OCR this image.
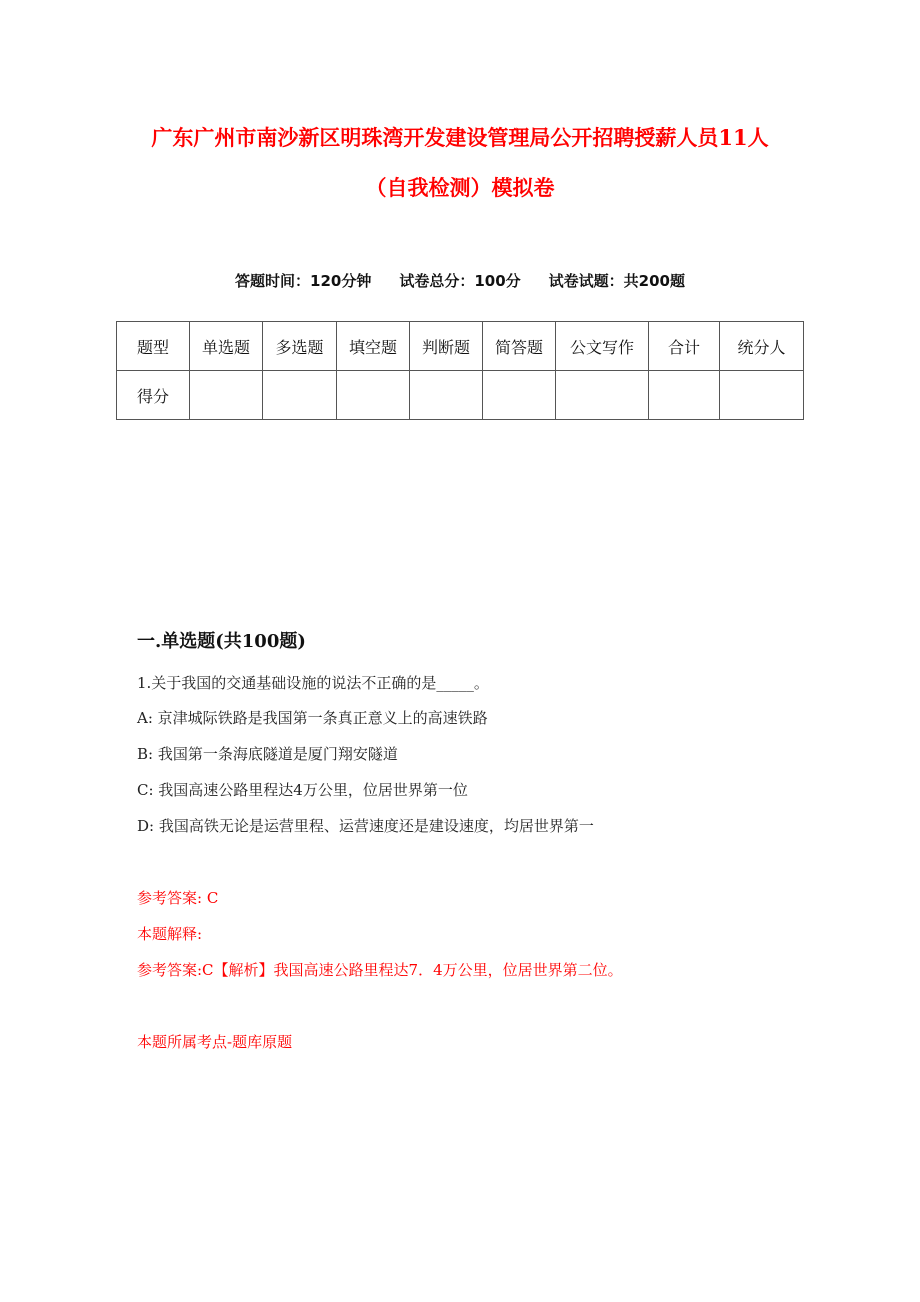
广东广州市南沙新区明珠湾开发建设管理局公开招聘授薪人员11人
（自我检测）模拟卷
答题时间：120分钟 试卷总分：100分 试卷试题：共200题
题型	单选题	多选题	填空题	判断题	简答题	公文写作	合计	统分人
得分								
一.单选题(共100题)
1.关于我国的交通基础设施的说法不正确的是_____。
A: 京津城际铁路是我国第一条真正意义上的高速铁路
B: 我国第一条海底隧道是厦门翔安隧道
C: 我国高速公路里程达4万公里，位居世界第一位
D: 我国高铁无论是运营里程、运营速度还是建设速度，均居世界第一
参考答案: C
本题解释:
参考答案:C【解析】我国高速公路里程达7．4万公里，位居世界第二位。
本题所属考点-题库原题
